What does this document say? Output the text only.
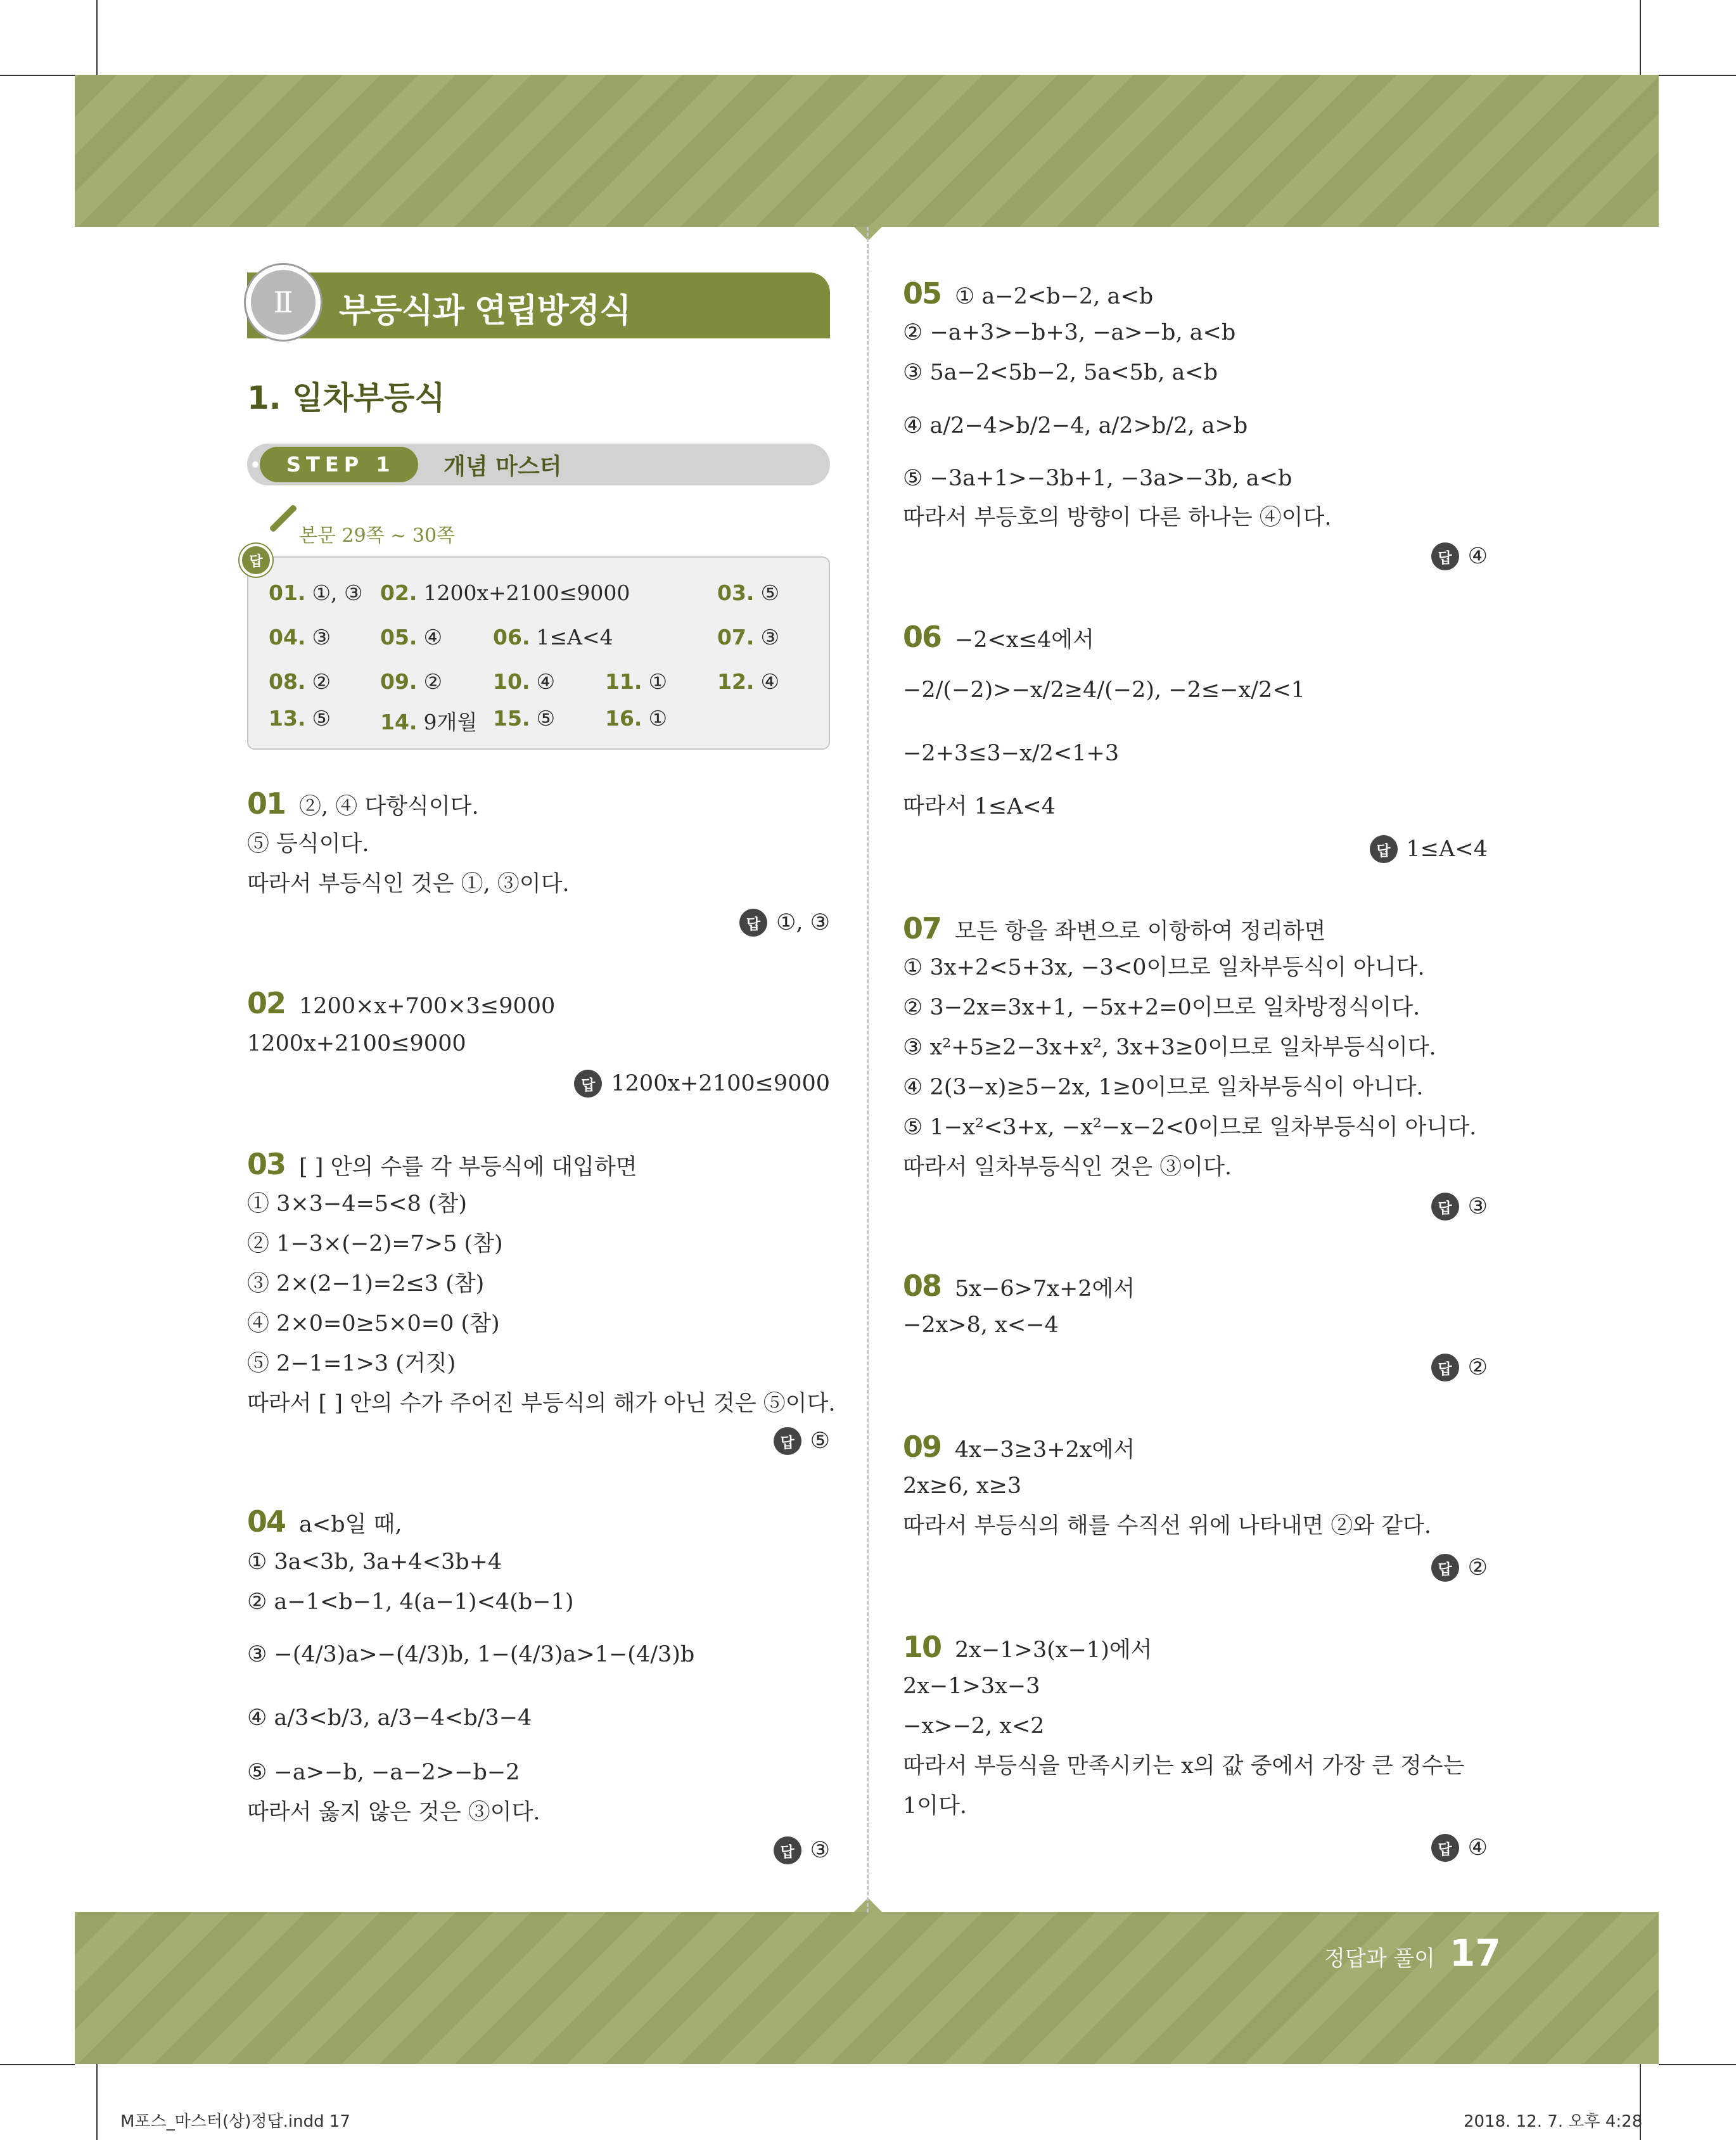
Ⅱ	부등식과 연립방정식
1. 일차부등식
STEP 1	개념 마스터
본문 29쪽 ~ 30쪽
답
01. ①, ③ 02. 1200x+2100≤9000	03. ⑤
04. ③ 05. ④ 06. 1≤A<4	07. ③
08. ② 09. ② 10. ④ 11. ① 12. ④
13. ⑤ 14. 9개월 15. ⑤ 16. ①
01 ②, ④ 다항식이다.
⑤ 등식이다.
따라서 부등식인 것은 ①, ③이다.
답 ①, ③
02 1200×x+700×3≤9000
1200x+2100≤9000
답 1200x+2100≤9000
03 [ ] 안의 수를 각 부등식에 대입하면
① 3×3−4=5<8 (참)
② 1−3×(−2)=7>5 (참)
③ 2×(2−1)=2≤3 (참)
④ 2×0=0≥5×0=0 (참)
⑤ 2−1=1>3 (거짓)
따라서 [ ] 안의 수가 주어진 부등식의 해가 아닌 것은 ⑤이다.
답 ⑤
04 a<b일 때,
① 3a<3b, 3a+4<3b+4
② a−1<b−1, 4(a−1)<4(b−1)
③ −(4/3)a>−(4/3)b, 1−(4/3)a>1−(4/3)b
④ a/3<b/3, a/3−4<b/3−4
⑤ −a>−b, −a−2>−b−2
따라서 옳지 않은 것은 ③이다.
답 ③
05 ① a−2<b−2, a<b
② −a+3>−b+3, −a>−b, a<b
③ 5a−2<5b−2, 5a<5b, a<b
④ a/2−4>b/2−4, a/2>b/2, a>b
⑤ −3a+1>−3b+1, −3a>−3b, a<b
따라서 부등호의 방향이 다른 하나는 ④이다.
답 ④
06 −2<x≤4에서
−2/(−2)>−x/2≥4/(−2), −2≤−x/2<1
−2+3≤3−x/2<1+3
따라서 1≤A<4
답 1≤A<4
07 모든 항을 좌변으로 이항하여 정리하면
① 3x+2<5+3x, −3<0이므로 일차부등식이 아니다.
② 3−2x=3x+1, −5x+2=0이므로 일차방정식이다.
③ x²+5≥2−3x+x², 3x+3≥0이므로 일차부등식이다.
④ 2(3−x)≥5−2x, 1≥0이므로 일차부등식이 아니다.
⑤ 1−x²<3+x, −x²−x−2<0이므로 일차부등식이 아니다.
따라서 일차부등식인 것은 ③이다.
답 ③
08 5x−6>7x+2에서
−2x>8, x<−4
답 ②
09 4x−3≥3+2x에서
2x≥6, x≥3
따라서 부등식의 해를 수직선 위에 나타내면 ②와 같다.
답 ②
10 2x−1>3(x−1)에서
2x−1>3x−3
−x>−2, x<2
따라서 부등식을 만족시키는 x의 값 중에서 가장 큰 정수는
1이다.
답 ④
정답과 풀이 17
M포스_마스터(상)정답.indd 17	2018. 12. 7. 오후 4:28
